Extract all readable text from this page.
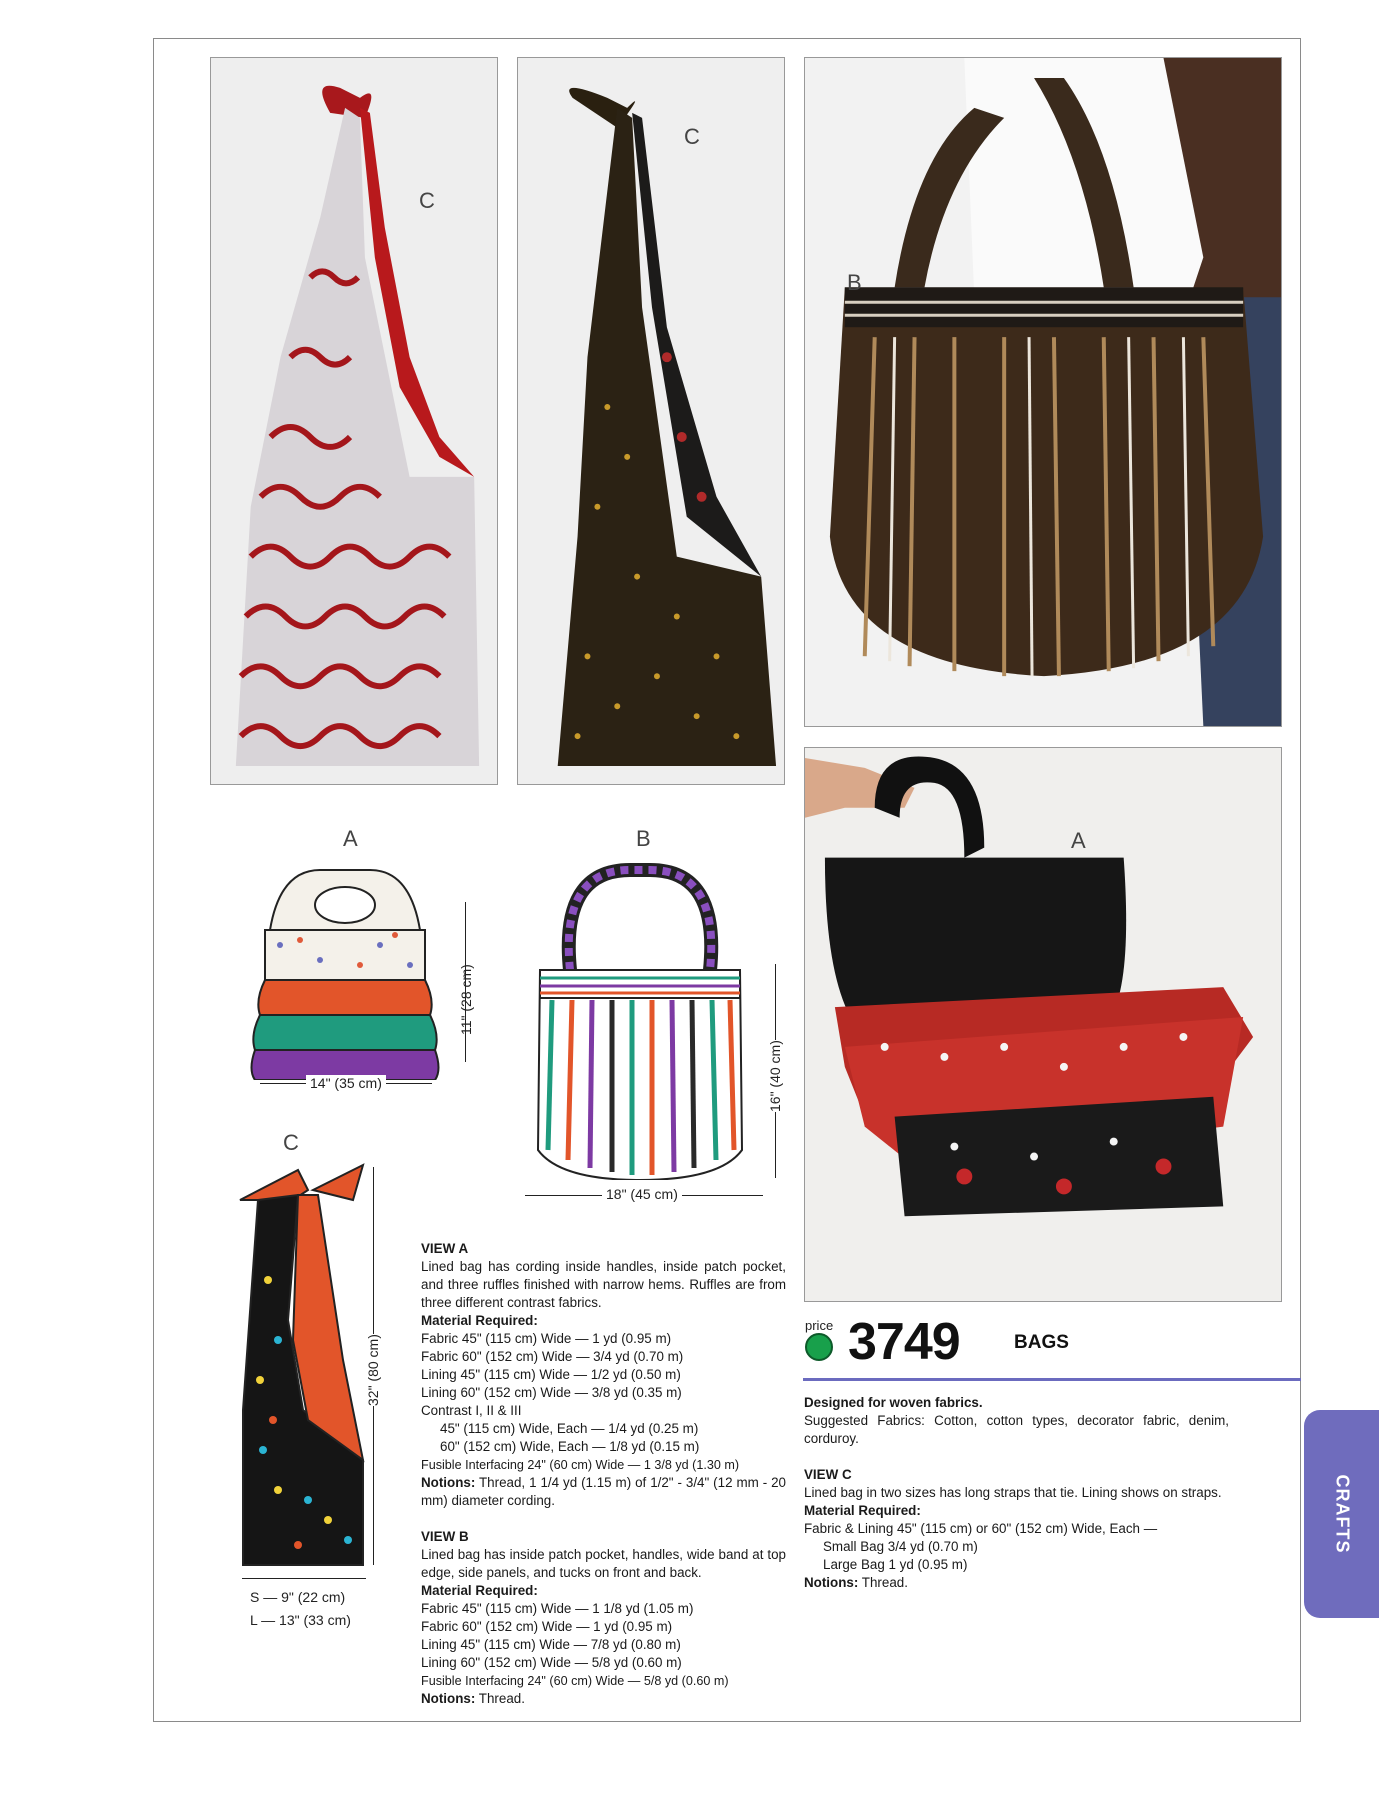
C
C
B
A
A
11" (28 cm)
14" (35 cm)
B
16" (40 cm)
18" (45 cm)
C
32" (80 cm)
S — 9" (22 cm)
L — 13" (33 cm)

VIEW A

Lined bag has cording inside handles, inside patch pocket, and three ruffles finished with narrow hems. Ruffles are from three different contrast fabrics.

Material Required:

Fabric 45" (115 cm) Wide — 1 yd (0.95 m)

Fabric 60" (152 cm) Wide — 3/4 yd (0.70 m)

Lining 45" (115 cm) Wide — 1/2 yd (0.50 m)

Lining 60" (152 cm) Wide — 3/8 yd (0.35 m)

Contrast I, II & III

45" (115 cm) Wide, Each — 1/4 yd (0.25 m)

60" (152 cm) Wide, Each — 1/8 yd (0.15 m)

Fusible Interfacing 24" (60 cm) Wide — 1 3/8 yd (1.30 m)

Notions: Thread, 1 1/4 yd (1.15 m) of 1/2" - 3/4" (12 mm - 20 mm) diameter cording.

VIEW B

Lined bag has inside patch pocket, handles, wide band at top edge, side panels, and tucks on front and back.

Material Required:

Fabric 45" (115 cm) Wide — 1 1/8 yd (1.05 m)

Fabric 60" (152 cm) Wide — 1 yd (0.95 m)

Lining 45" (115 cm) Wide — 7/8 yd (0.80 m)

Lining 60" (152 cm) Wide — 5/8 yd (0.60 m)

Fusible Interfacing 24" (60 cm) Wide — 5/8 yd (0.60 m)

Notions: Thread.

price 3749	BAGS

Designed for woven fabrics.

Suggested Fabrics: Cotton, cotton types, decorator fabric, denim, corduroy.

VIEW C

Lined bag in two sizes has long straps that tie. Lining shows on straps.

Material Required:

Fabric & Lining 45" (115 cm) or 60" (152 cm) Wide, Each —

Small Bag 3/4 yd (0.70 m)

Large Bag 1 yd (0.95 m)

Notions: Thread.

CRAFTS
